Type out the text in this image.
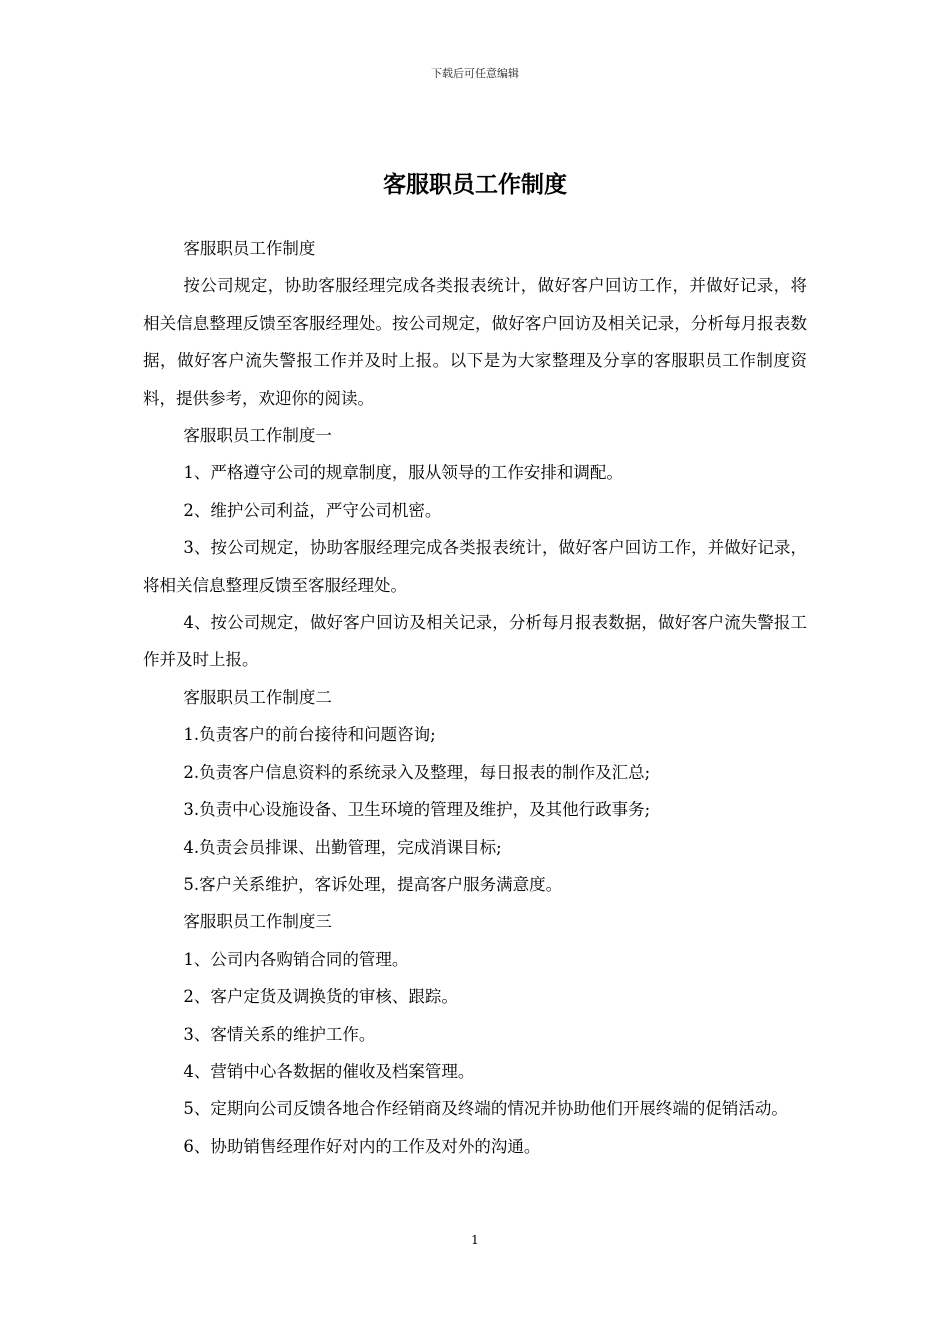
下载后可任意编辑
客服职员工作制度

客服职员工作制度

按公司规定，协助客服经理完成各类报表统计，做好客户回访工作，并做好记录，将相关信息整理反馈至客服经理处。按公司规定，做好客户回访及相关记录，分析每月报表数据，做好客户流失警报工作并及时上报。以下是为大家整理及分享的客服职员工作制度资料，提供参考，欢迎你的阅读。

客服职员工作制度一

1、严格遵守公司的规章制度，服从领导的工作安排和调配。

2、维护公司利益，严守公司机密。

3、按公司规定，协助客服经理完成各类报表统计，做好客户回访工作，并做好记录，将相关信息整理反馈至客服经理处。

4、按公司规定，做好客户回访及相关记录，分析每月报表数据，做好客户流失警报工作并及时上报。

客服职员工作制度二

1.负责客户的前台接待和问题咨询;

2.负责客户信息资料的系统录入及整理，每日报表的制作及汇总;

3.负责中心设施设备、卫生环境的管理及维护，及其他行政事务;

4.负责会员排课、出勤管理，完成消课目标;

5.客户关系维护，客诉处理，提高客户服务满意度。

客服职员工作制度三

1、公司内各购销合同的管理。

2、客户定货及调换货的审核、跟踪。

3、客情关系的维护工作。

4、营销中心各数据的催收及档案管理。

5、定期向公司反馈各地合作经销商及终端的情况并协助他们开展终端的促销活动。

6、协助销售经理作好对内的工作及对外的沟通。

1
